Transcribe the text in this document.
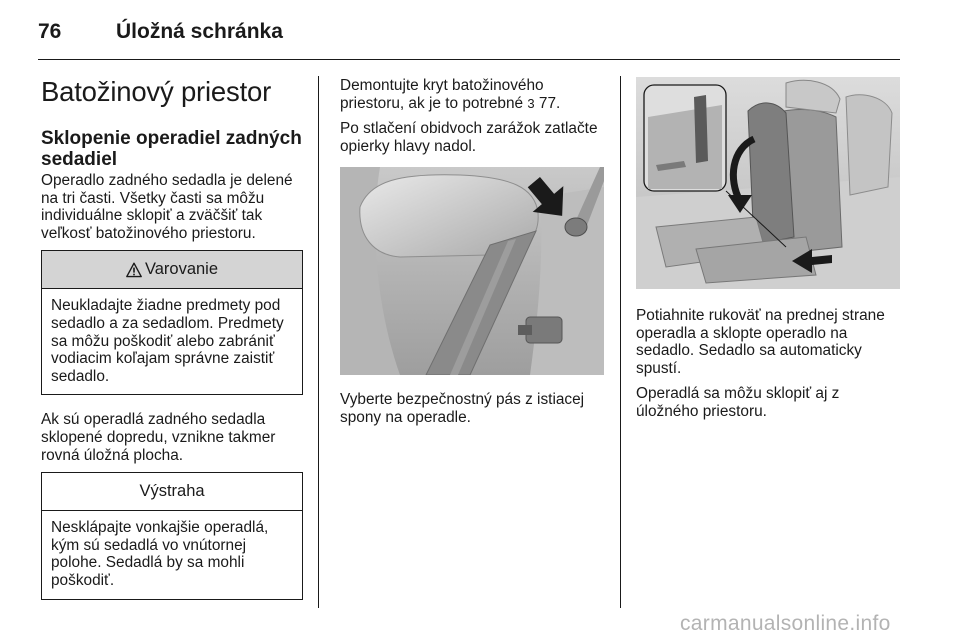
76	Úložná schránka
Batožinový priestor
Sklopenie operadiel zadných sedadiel

Operadlo zadného sedadla je delené na tri časti. Všetky časti sa môžu individuálne sklopiť a zväčšiť tak veľkosť batožinového priestoru.

Varovanie
Neukladajte žiadne predmety pod sedadlo a za sedadlom. Predmety sa môžu poškodiť alebo zabrániť vodiacim koľajam správne zaistiť sedadlo.

Ak sú operadlá zadného sedadla sklopené dopredu, vznikne takmer rovná úložná plocha.

Výstraha
Nesklápajte vonkajšie operadlá, kým sú sedadlá vo vnútornej polohe. Sedadlá by sa mohli poškodiť.

Demontujte kryt batožinového priestoru, ak je to potrebné 3 77.

Po stlačení obidvoch zarážok zatlačte opierky hlavy nadol.

Vyberte bezpečnostný pás z istiacej spony na operadle.

Potiahnite rukoväť na prednej strane operadla a sklopte operadlo na sedadlo. Sedadlo sa automaticky spustí.

Operadlá sa môžu sklopiť aj z úložného priestoru.

carmanualsonline.info
